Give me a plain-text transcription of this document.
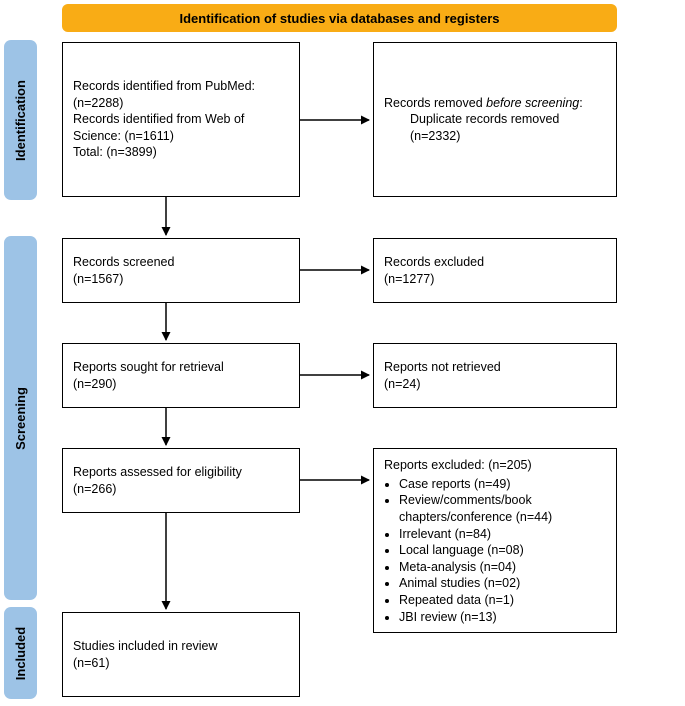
Identification of studies via databases and registers
Identification
Screening
Included
Records identified from PubMed: (n=2288)
Records identified from Web of Science: (n=1611)
Total: (n=3899)
Records removed before screening:
Duplicate records removed (n=2332)
Records screened
(n=1567)
Records excluded
(n=1277)
Reports sought for retrieval
(n=290)
Reports not retrieved
(n=24)
Reports assessed for eligibility
(n=266)
Reports excluded: (n=205)
• Case reports (n=49)
• Review/comments/book chapters/conference (n=44)
• Irrelevant (n=84)
• Local language (n=08)
• Meta-analysis (n=04)
• Animal studies (n=02)
• Repeated data (n=1)
• JBI review (n=13)
Studies included in review
(n=61)
